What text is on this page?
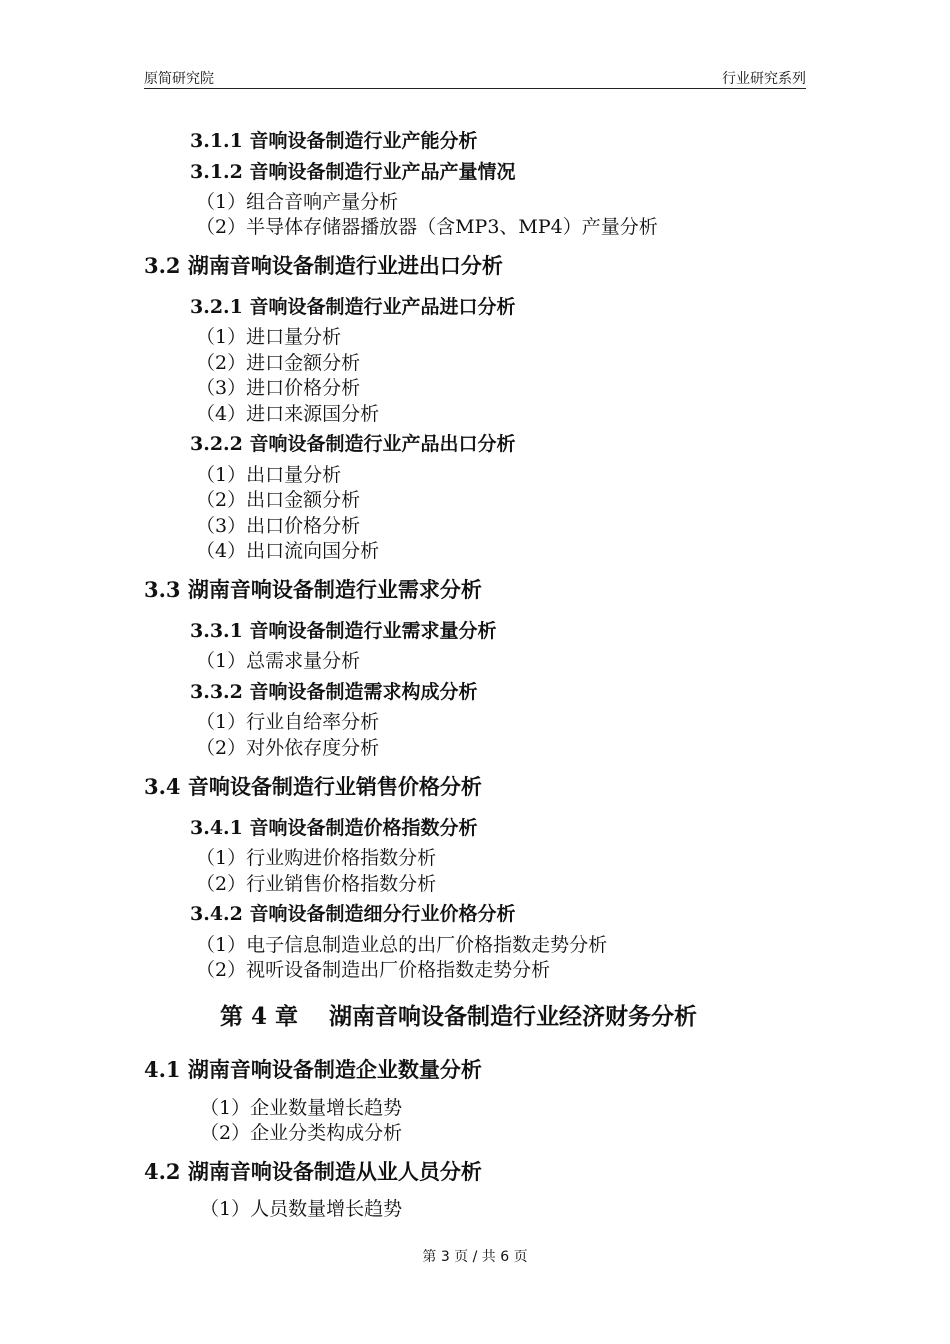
原简研究院	行业研究系列
3.1.1 音响设备制造行业产能分析
3.1.2 音响设备制造行业产品产量情况
（1）组合音响产量分析
（2）半导体存储器播放器（含MP3、MP4）产量分析
3.2 湖南音响设备制造行业进出口分析
3.2.1 音响设备制造行业产品进口分析
（1）进口量分析
（2）进口金额分析
（3）进口价格分析
（4）进口来源国分析
3.2.2 音响设备制造行业产品出口分析
（1）出口量分析
（2）出口金额分析
（3）出口价格分析
（4）出口流向国分析
3.3 湖南音响设备制造行业需求分析
3.3.1 音响设备制造行业需求量分析
（1）总需求量分析
3.3.2 音响设备制造需求构成分析
（1）行业自给率分析
（2）对外依存度分析
3.4 音响设备制造行业销售价格分析
3.4.1 音响设备制造价格指数分析
（1）行业购进价格指数分析
（2）行业销售价格指数分析
3.4.2 音响设备制造细分行业价格分析
（1）电子信息制造业总的出厂价格指数走势分析
（2）视听设备制造出厂价格指数走势分析
第 4 章　 湖南音响设备制造行业经济财务分析
4.1 湖南音响设备制造企业数量分析
（1）企业数量增长趋势
（2）企业分类构成分析
4.2 湖南音响设备制造从业人员分析
（1）人员数量增长趋势
第 3 页 / 共 6 页
